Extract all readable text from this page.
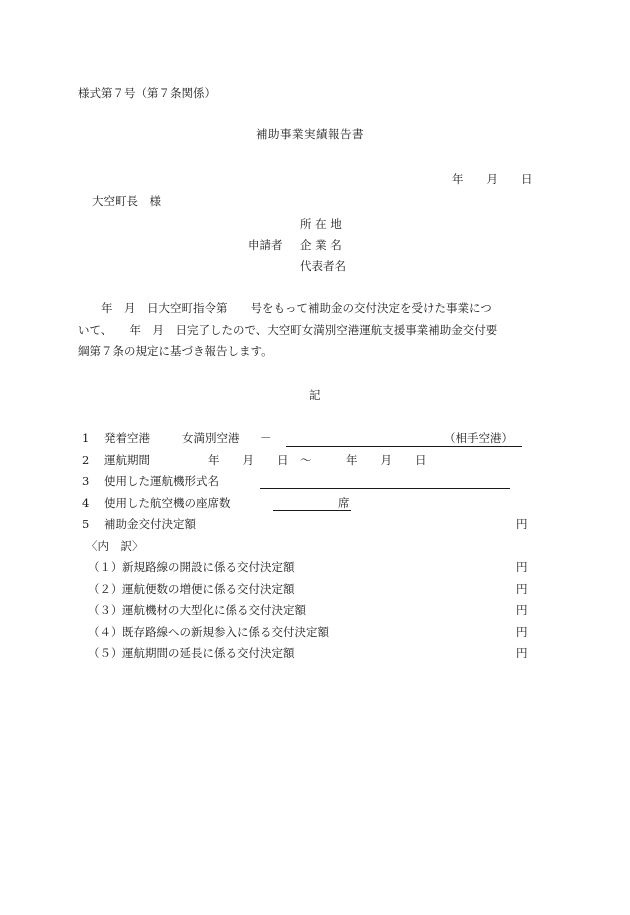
様式第７号（第７条関係）
補助事業実績報告書
年　　月　　日
大空町長　様
所 在 地
申請者 企 業 名
代表者名
　　年　月　日大空町指令第　　号をもって補助金の交付決定を受けた事業につ
いて、　　年　月　日完了したので、大空町女満別空港運航支援事業補助金交付要
綱第７条の規定に基づき報告します。
記
1 発着空港	女満別空港 －	（相手空港）
2 運航期間	年　　月　　日　～　　　年　　月　　日
3 使用した運航機形式名
4 使用した航空機の座席数	席
5 補助金交付決定額	円
〈内　訳〉
（１） 新規路線の開設に係る交付決定額	円
（２） 運航便数の増便に係る交付決定額	円
（３） 運航機材の大型化に係る交付決定額	円
（４） 既存路線への新規参入に係る交付決定額	円
（５） 運航期間の延長に係る交付決定額	円
